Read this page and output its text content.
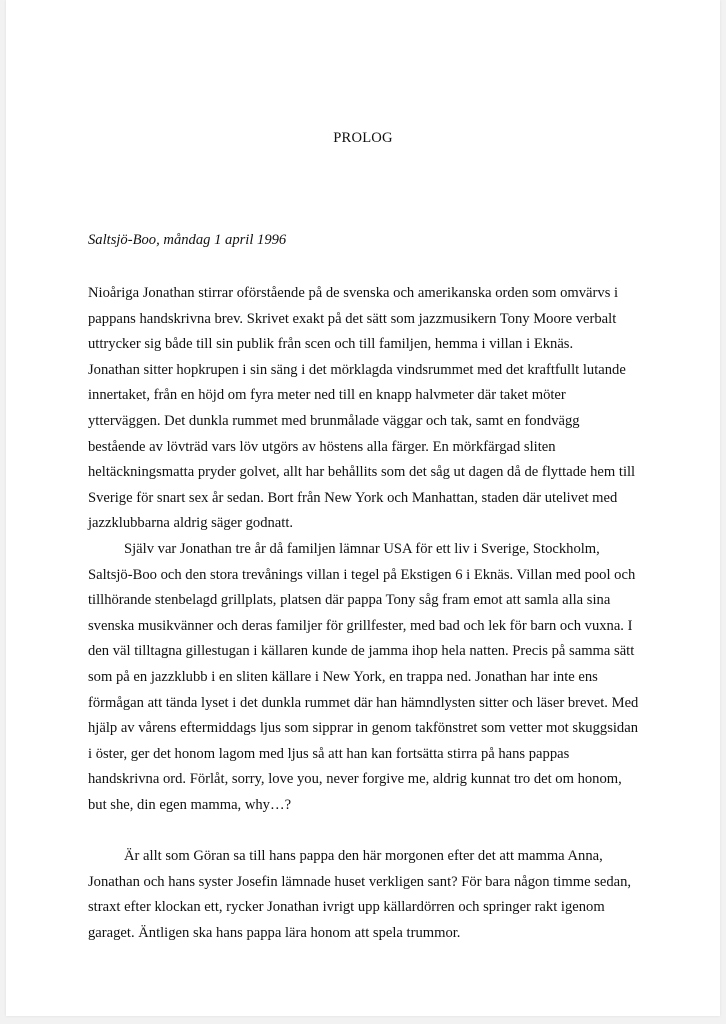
PROLOG
Saltsjö-Boo, måndag 1 april 1996
Nioåriga Jonathan stirrar oförstående på de svenska och amerikanska orden som omvärvs i
pappans handskrivna brev. Skrivet exakt på det sätt som jazzmusikern Tony Moore verbalt
uttrycker sig både till sin publik från scen och till familjen, hemma i villan i Eknäs.
Jonathan sitter hopkrupen i sin säng i det mörklagda vindsrummet med det kraftfullt lutande
innertaket, från en höjd om fyra meter ned till en knapp halvmeter där taket möter
ytterväggen. Det dunkla rummet med brunmålade väggar och tak, samt en fondvägg
bestående av lövträd vars löv utgörs av höstens alla färger. En mörkfärgad sliten
heltäckningsmatta pryder golvet, allt har behållits som det såg ut dagen då de flyttade hem till
Sverige för snart sex år sedan. Bort från New York och Manhattan, staden där utelivet med
jazzklubbarna aldrig säger godnatt.
Själv var Jonathan tre år då familjen lämnar USA för ett liv i Sverige, Stockholm,
Saltsjö-Boo och den stora trevånings villan i tegel på Ekstigen 6 i Eknäs. Villan med pool och
tillhörande stenbelagd grillplats, platsen där pappa Tony såg fram emot att samla alla sina
svenska musikvänner och deras familjer för grillfester, med bad och lek för barn och vuxna. I
den väl tilltagna gillestugan i källaren kunde de jamma ihop hela natten. Precis på samma sätt
som på en jazzklubb i en sliten källare i New York, en trappa ned. Jonathan har inte ens
förmågan att tända lyset i det dunkla rummet där han hämndlysten sitter och läser brevet. Med
hjälp av vårens eftermiddags ljus som sipprar in genom takfönstret som vetter mot skuggsidan
i öster, ger det honom lagom med ljus så att han kan fortsätta stirra på hans pappas
handskrivna ord. Förlåt, sorry, love you, never forgive me, aldrig kunnat tro det om honom,
but she, din egen mamma, why…?
Är allt som Göran sa till hans pappa den här morgonen efter det att mamma Anna,
Jonathan och hans syster Josefin lämnade huset verkligen sant? För bara någon timme sedan,
straxt efter klockan ett, rycker Jonathan ivrigt upp källardörren och springer rakt igenom
garaget. Äntligen ska hans pappa lära honom att spela trummor.
